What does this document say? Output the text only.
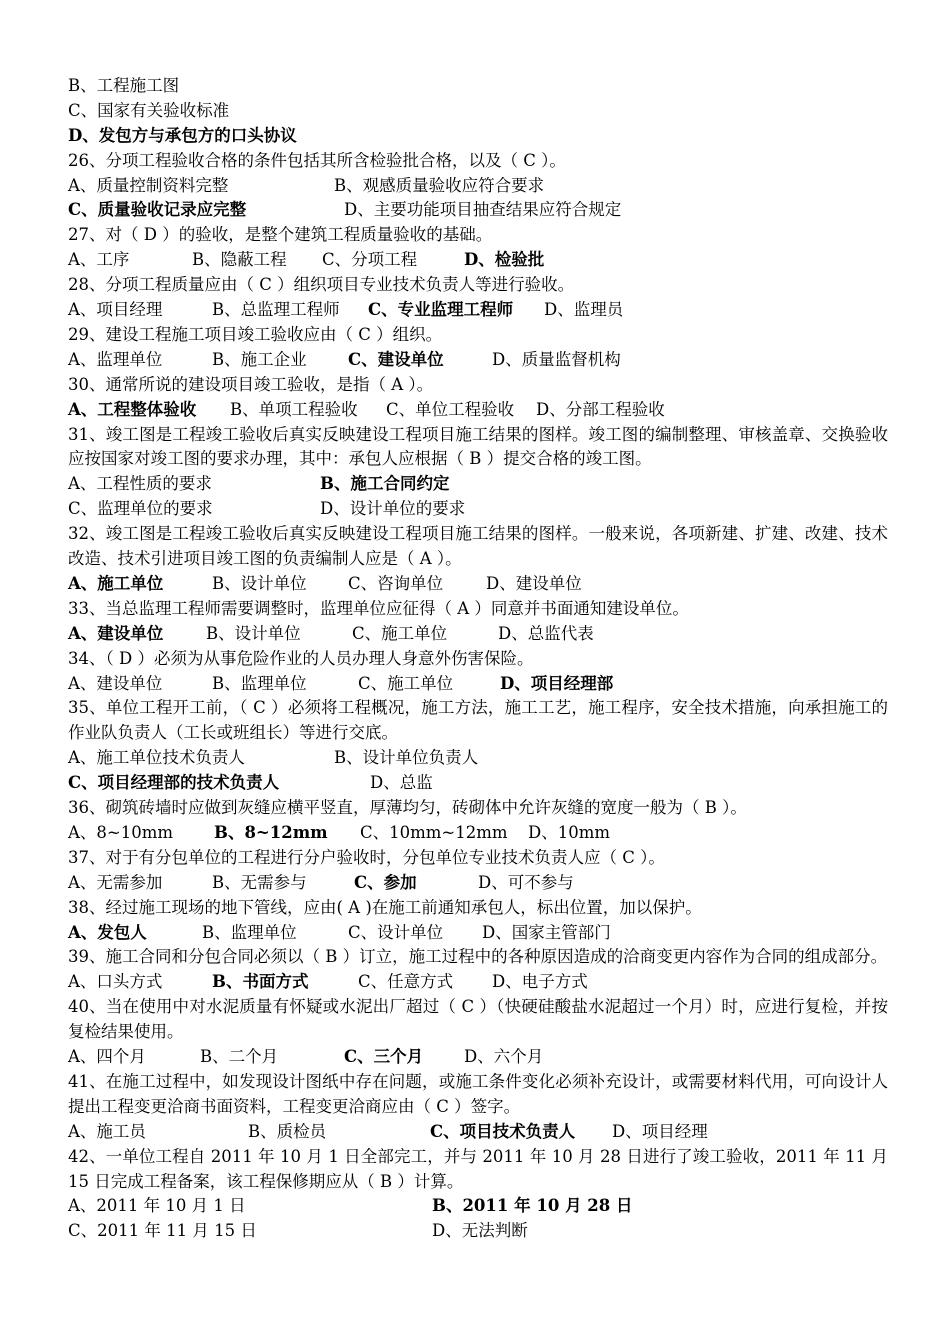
B、工程施工图
C、国家有关验收标准
D、发包方与承包方的口头协议
26、分项工程验收合格的条件包括其所含检验批合格，以及（ C ）。
A、质量控制资料完整	B、观感质量验收应符合要求
C、质量验收记录应完整	D、主要功能项目抽查结果应符合规定
27、对（ D ）的验收，是整个建筑工程质量验收的基础。
A、工序	B、隐蔽工程 C、分项工程	D、检验批
28、分项工程质量应由（ C ）组织项目专业技术负责人等进行验收。
A、项目经理	B、总监理工程师 C、专业监理工程师 D、监理员
29、建设工程施工项目竣工验收应由（ C ）组织。
A、监理单位	B、施工企业	C、建设单位	D、质量监督机构
30、通常所说的建设项目竣工验收，是指（ A ）。
A、工程整体验收 B、单项工程验收 C、单位工程验收 D、分部工程验收
31、竣工图是工程竣工验收后真实反映建设工程项目施工结果的图样。竣工图的编制整理、审核盖章、交换验收应按国家对竣工图的要求办理，其中：承包人应根据（ B ）提交合格的竣工图。
A、工程性质的要求	B、施工合同约定
C、监理单位的要求	D、设计单位的要求
32、竣工图是工程竣工验收后真实反映建设工程项目施工结果的图样。一般来说，各项新建、扩建、改建、技术改造、技术引进项目竣工图的负责编制人应是（ A ）。
A、施工单位	B、设计单位	C、咨询单位	D、建设单位
33、当总监理工程师需要调整时，监理单位应征得（ A ）同意并书面通知建设单位。
A、建设单位	B、设计单位	C、施工单位	D、总监代表
34、（ D ）必须为从事危险作业的人员办理人身意外伤害保险。
A、建设单位	B、监理单位	C、施工单位	D、项目经理部
35、单位工程开工前，（ C ）必须将工程概况，施工方法，施工工艺，施工程序，安全技术措施，向承担施工的作业队负责人（工长或班组长）等进行交底。
A、施工单位技术负责人	B、设计单位负责人
C、项目经理部的技术负责人	D、总监
36、砌筑砖墙时应做到灰缝应横平竖直，厚薄均匀，砖砌体中允许灰缝的宽度一般为（ B ）。
A、8~10mm B、8~12mm C、10mm~12mm D、10mm
37、对于有分包单位的工程进行分户验收时，分包单位专业技术负责人应（ C ）。
A、无需参加	B、无需参与	C、参加	D、可不参与
38、经过施工现场的地下管线，应由( A )在施工前通知承包人，标出位置，加以保护。
A、发包人	B、监理单位	C、设计单位 D、国家主管部门
39、施工合同和分包合同必须以（ B ）订立，施工过程中的各种原因造成的洽商变更内容作为合同的组成部分。
A、口头方式	B、书面方式	C、任意方式 D、电子方式
40、当在使用中对水泥质量有怀疑或水泥出厂超过（ C ）（快硬硅酸盐水泥超过一个月）时，应进行复检，并按复检结果使用。
A、四个月	B、二个月	C、三个月 D、六个月
41、在施工过程中，如发现设计图纸中存在问题，或施工条件变化必须补充设计，或需要材料代用，可向设计人提出工程变更洽商书面资料，工程变更洽商应由（ C ）签字。
A、施工员	B、质检员	C、项目技术负责人 D、项目经理
42、一单位工程自 2011 年 10 月 1 日全部完工，并与 2011 年 10 月 28 日进行了竣工验收，2011 年 11 月 15 日完成工程备案，该工程保修期应从（ B ）计算。
A、2011 年 10 月 1 日	B、2011 年 10 月 28 日
C、2011 年 11 月 15 日	D、无法判断
